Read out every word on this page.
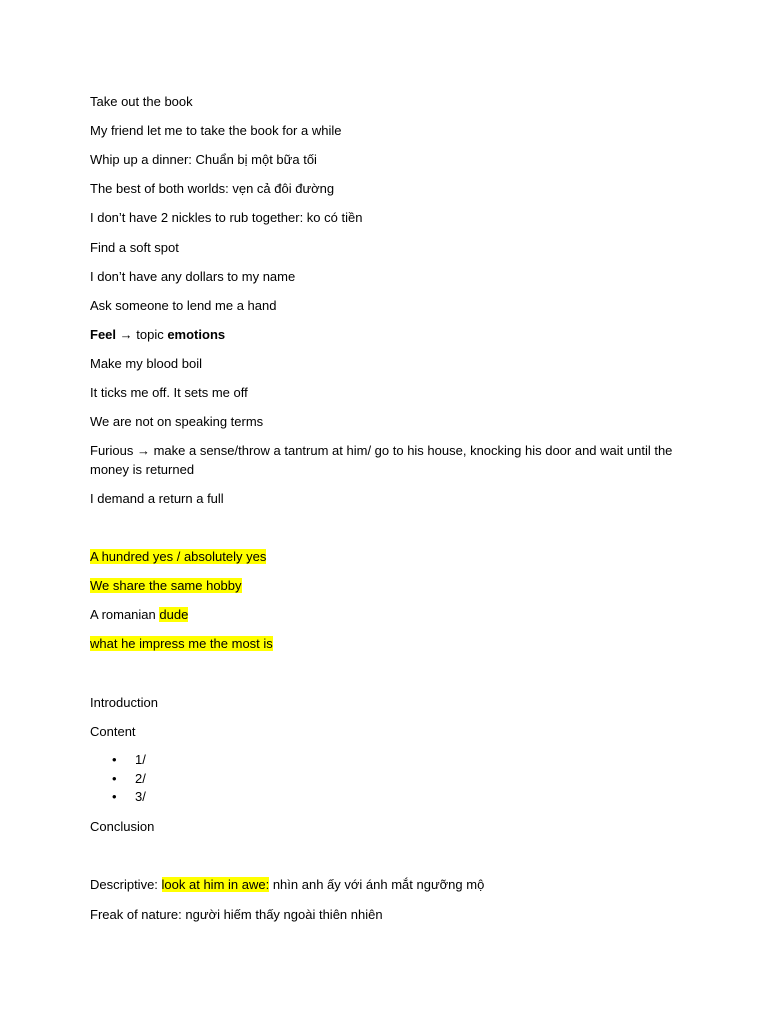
Take out the book
My friend let me to take the book for a while
Whip up a dinner: Chuẩn bị một bữa tối
The best of both worlds: vẹn cả đôi đường
I don’t have 2 nickles to rub together: ko có tiền
Find a soft spot
I don’t have any dollars to my name
Ask someone to lend me a hand
Feel → topic emotions
Make my blood boil
It ticks me off. It sets me off
We are not on speaking terms
Furious → make a sense/throw a tantrum at him/ go to his house, knocking his door and wait until the money is returned
I demand a return a full
A hundred yes / absolutely yes
We share the same hobby
A romanian dude
what he impress me the most is
Introduction
Content
• 1/
• 2/
• 3/
Conclusion
Descriptive: look at him in awe: nhìn anh ấy với ánh mắt ngưỡng mộ
Freak of nature: người hiếm thấy ngoài thiên nhiên
